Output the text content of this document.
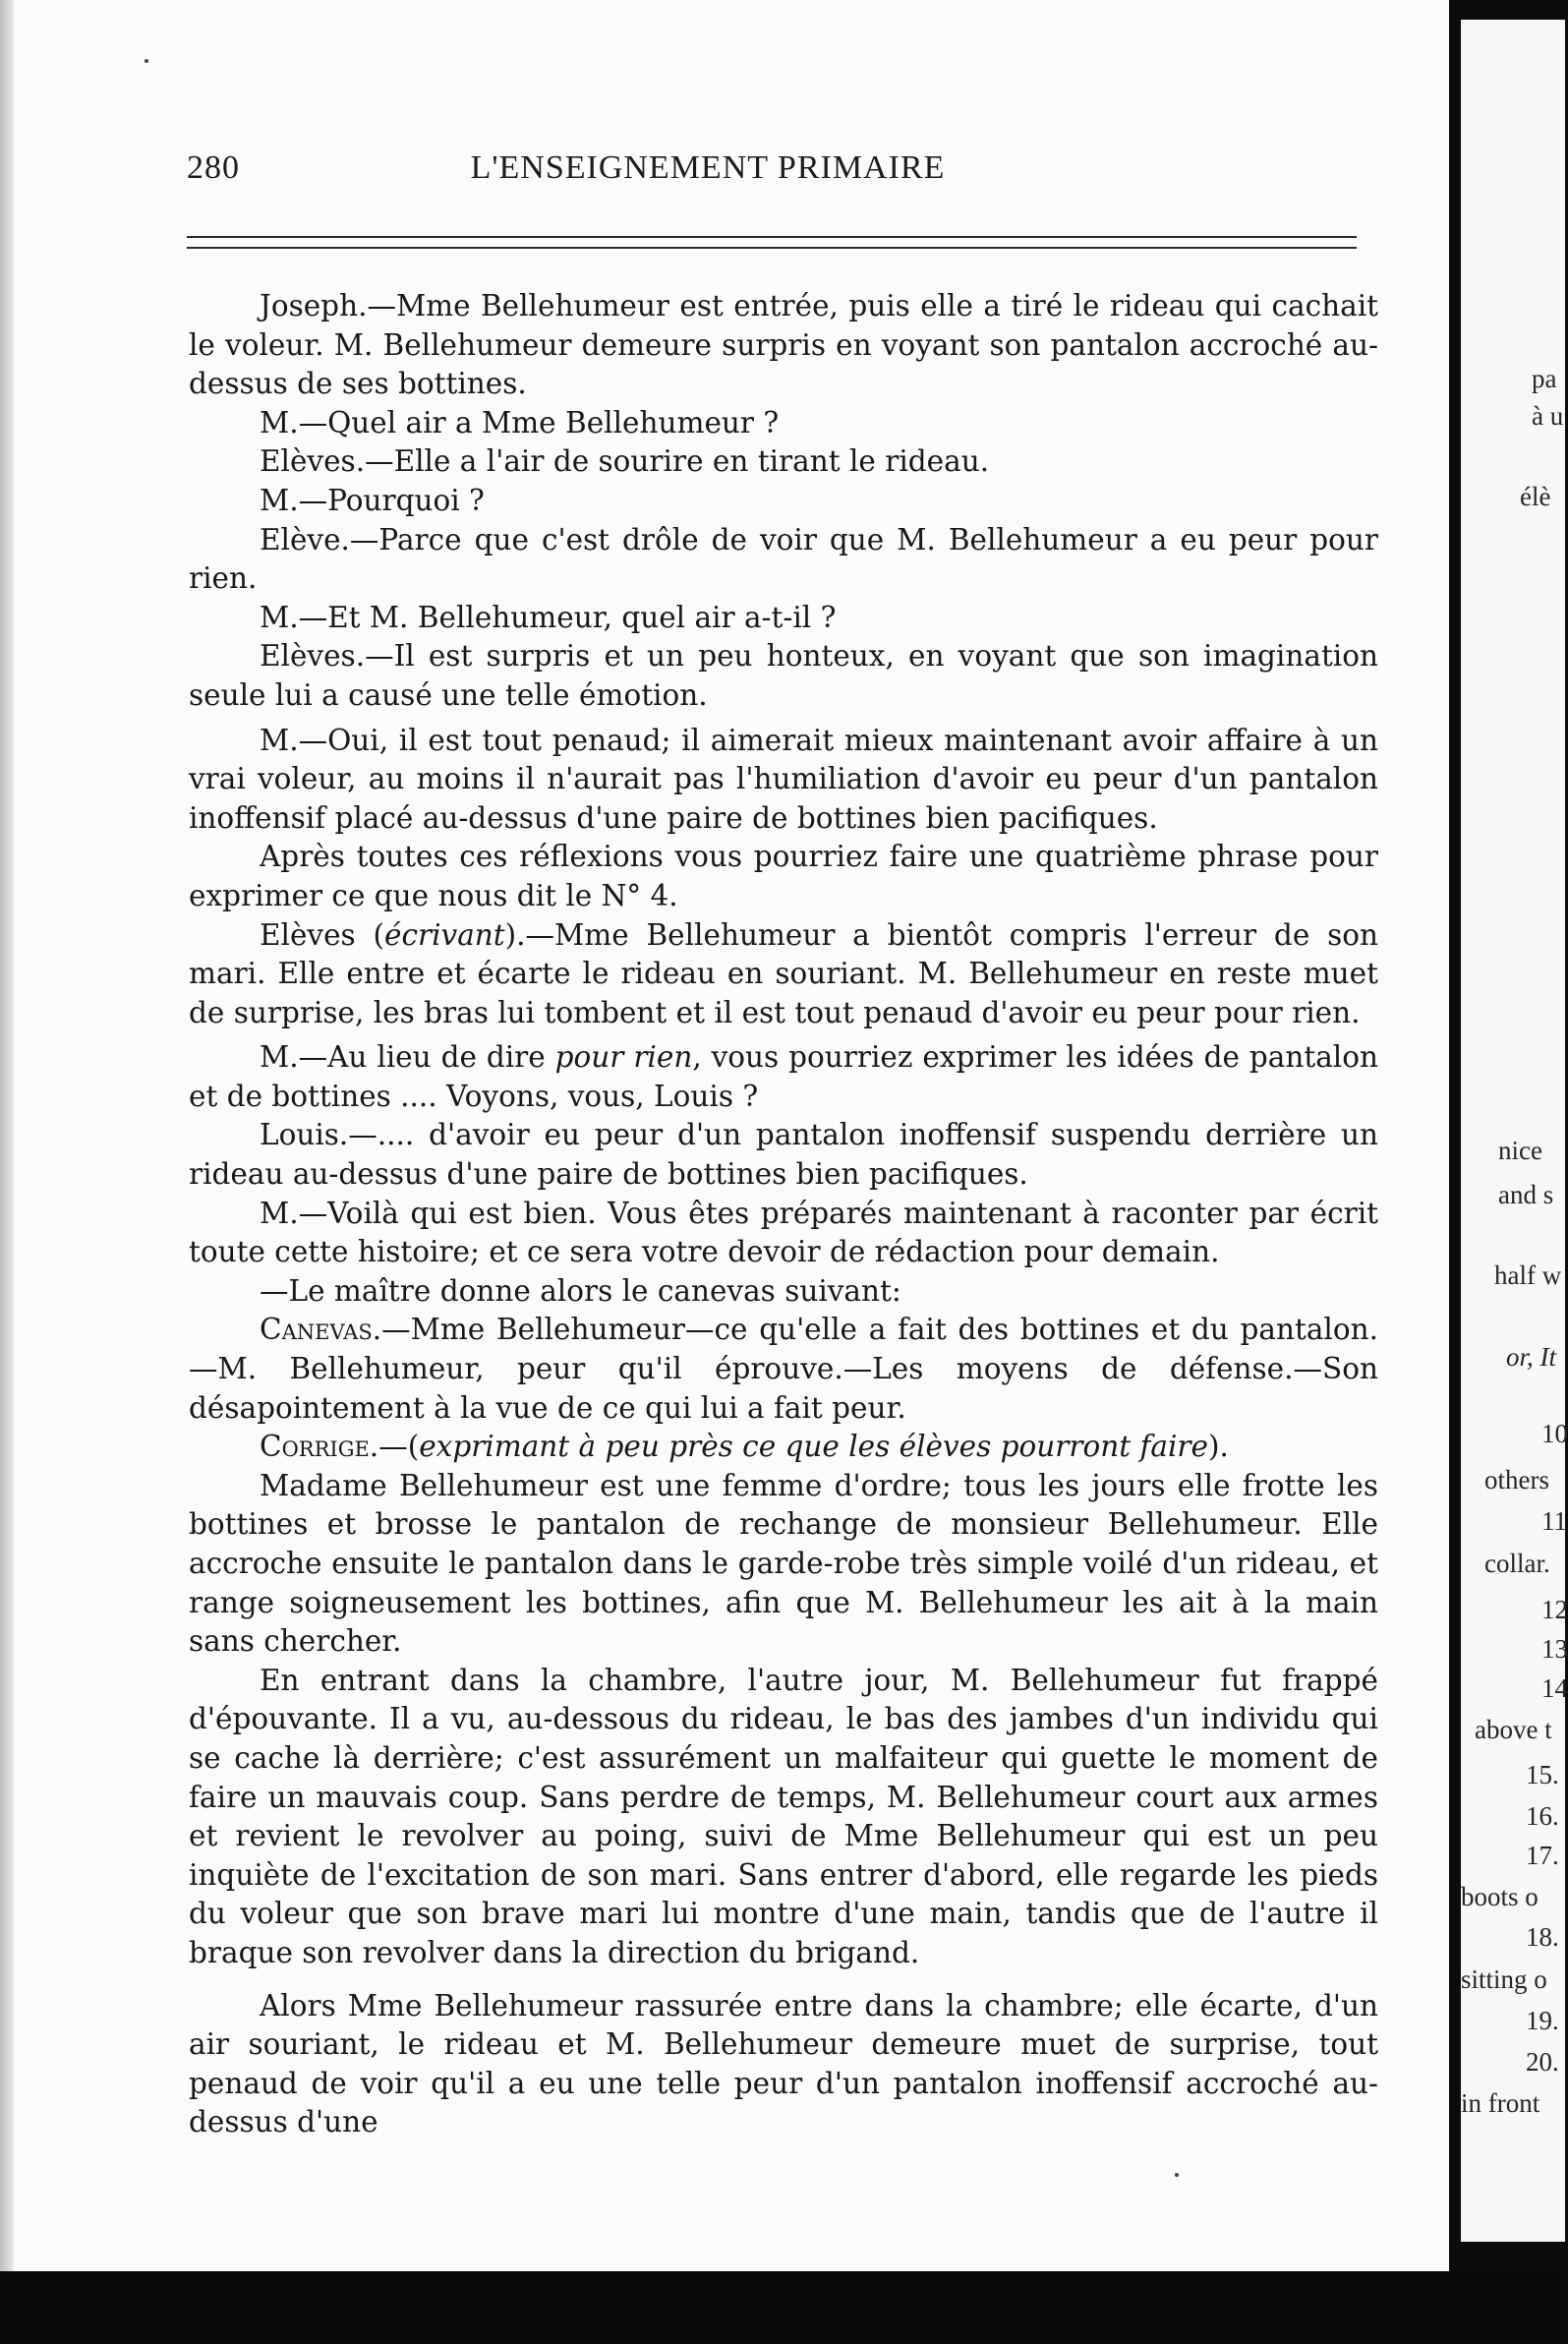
pa
à u
élè
nice
and s
half w
or, It
10
others
11
collar.
12
13
14
above t
15.
16.
17.
boots o
18.
sitting o
19.
20.
in front
280	L'ENSEIGNEMENT PRIMAIRE

Joseph.—Mme Bellehumeur est entrée, puis elle a tiré le rideau qui cachait le voleur. M. Bellehumeur demeure surpris en voyant son pantalon accroché au-dessus de ses bottines.

M.—Quel air a Mme Bellehumeur ?

Elèves.—Elle a l'air de sourire en tirant le rideau.

M.—Pourquoi ?

Elève.—Parce que c'est drôle de voir que M. Bellehumeur a eu peur pour rien.

M.—Et M. Bellehumeur, quel air a-t-il ?

Elèves.—Il est surpris et un peu honteux, en voyant que son imagination seule lui a causé une telle émotion.

M.—Oui, il est tout penaud; il aimerait mieux maintenant avoir affaire à un vrai voleur, au moins il n'aurait pas l'humiliation d'avoir eu peur d'un pantalon inoffensif placé au-dessus d'une paire de bottines bien pacifiques.

Après toutes ces réflexions vous pourriez faire une quatrième phrase pour exprimer ce que nous dit le N° 4.

Elèves (écrivant).—Mme Bellehumeur a bientôt compris l'erreur de son mari. Elle entre et écarte le rideau en souriant. M. Bellehumeur en reste muet de surprise, les bras lui tombent et il est tout penaud d'avoir eu peur pour rien.

M.—Au lieu de dire pour rien, vous pourriez exprimer les idées de pantalon et de bottines .... Voyons, vous, Louis ?

Louis.—.... d'avoir eu peur d'un pantalon inoffensif suspendu derrière un rideau au-dessus d'une paire de bottines bien pacifiques.

M.—Voilà qui est bien. Vous êtes préparés maintenant à raconter par écrit toute cette histoire; et ce sera votre devoir de rédaction pour demain.

—Le maître donne alors le canevas suivant:

Canevas.—Mme Bellehumeur—ce qu'elle a fait des bottines et du pantalon. —M. Bellehumeur, peur qu'il éprouve.—Les moyens de défense.—Son désapointement à la vue de ce qui lui a fait peur.

Corrige.—(exprimant à peu près ce que les élèves pourront faire).

Madame Bellehumeur est une femme d'ordre; tous les jours elle frotte les bottines et brosse le pantalon de rechange de monsieur Bellehumeur. Elle accroche ensuite le pantalon dans le garde-robe très simple voilé d'un rideau, et range soigneusement les bottines, afin que M. Bellehumeur les ait à la main sans chercher.

En entrant dans la chambre, l'autre jour, M. Bellehumeur fut frappé d'épouvante. Il a vu, au-dessous du rideau, le bas des jambes d'un individu qui se cache là derrière; c'est assurément un malfaiteur qui guette le moment de faire un mauvais coup. Sans perdre de temps, M. Bellehumeur court aux armes et revient le revolver au poing, suivi de Mme Bellehumeur qui est un peu inquiète de l'excitation de son mari. Sans entrer d'abord, elle regarde les pieds du voleur que son brave mari lui montre d'une main, tandis que de l'autre il braque son revolver dans la direction du brigand.

Alors Mme Bellehumeur rassurée entre dans la chambre; elle écarte, d'un air souriant, le rideau et M. Bellehumeur demeure muet de surprise, tout penaud de voir qu'il a eu une telle peur d'un pantalon inoffensif accroché au-dessus d'une
